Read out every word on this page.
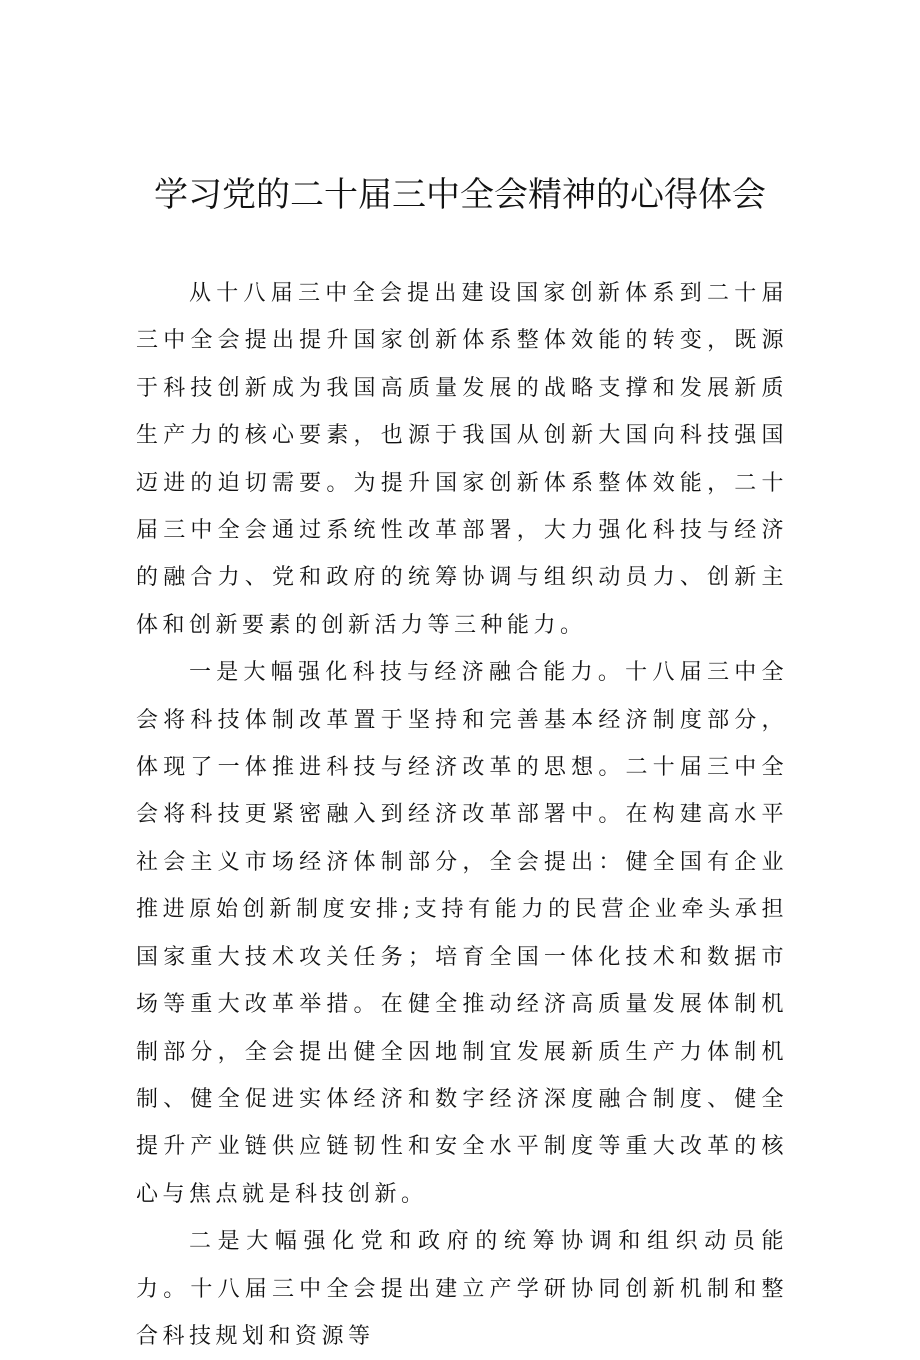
学习党的二十届三中全会精神的心得体会

从十八届三中全会提出建设国家创新体系到二十届三中全会提出提升国家创新体系整体效能的转变，既源于科技创新成为我国高质量发展的战略支撑和发展新质生产力的核心要素，也源于我国从创新大国向科技强国迈进的迫切需要。为提升国家创新体系整体效能，二十届三中全会通过系统性改革部署，大力强化科技与经济的融合力、党和政府的统筹协调与组织动员力、创新主体和创新要素的创新活力等三种能力。

一是大幅强化科技与经济融合能力。十八届三中全会将科技体制改革置于坚持和完善基本经济制度部分，体现了一体推进科技与经济改革的思想。二十届三中全会将科技更紧密融入到经济改革部署中。在构建高水平社会主义市场经济体制部分，全会提出：健全国有企业推进原始创新制度安排;支持有能力的民营企业牵头承担国家重大技术攻关任务；培育全国一体化技术和数据市场等重大改革举措。在健全推动经济高质量发展体制机制部分，全会提出健全因地制宜发展新质生产力体制机制、健全促进实体经济和数字经济深度融合制度、健全提升产业链供应链韧性和安全水平制度等重大改革的核心与焦点就是科技创新。

二是大幅强化党和政府的统筹协调和组织动员能力。十八届三中全会提出建立产学研协同创新机制和整合科技规划和资源等
